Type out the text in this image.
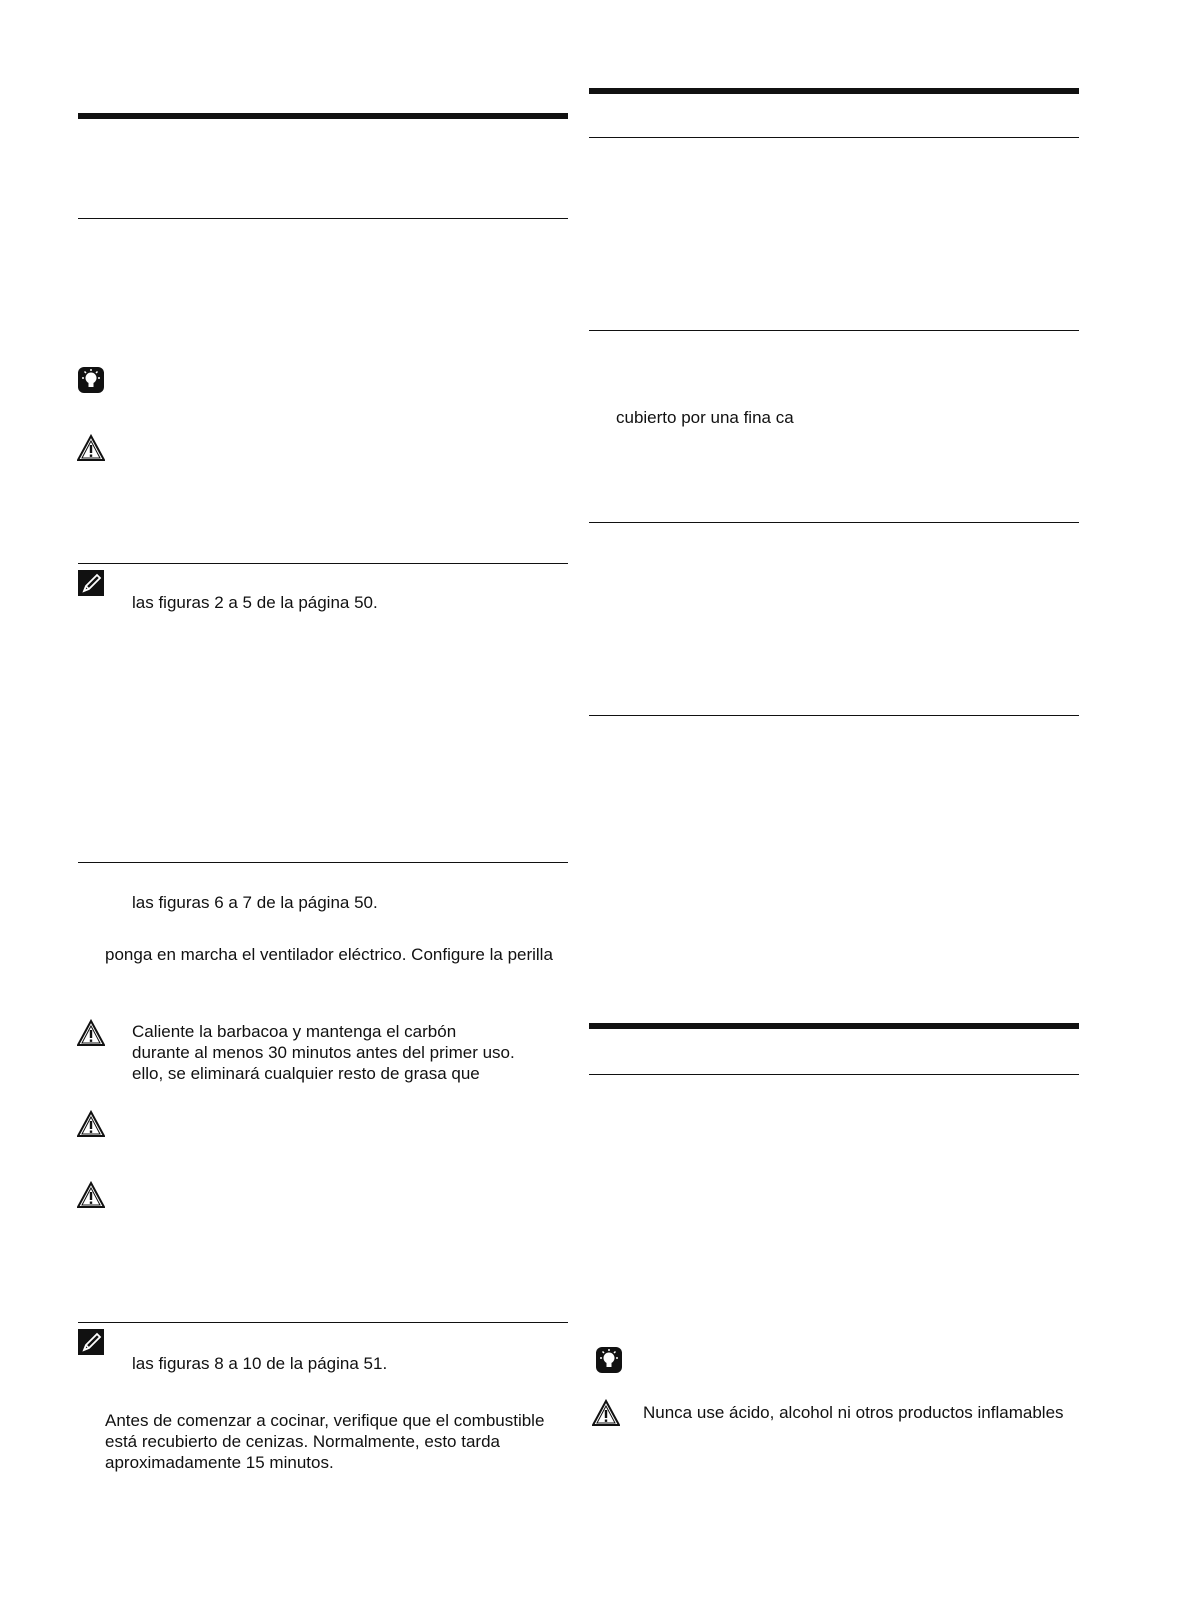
las figuras 2 a 5 de la página 50.
las figuras 6 a 7 de la página 50.
ponga en marcha el ventilador eléctrico. Configure la perilla
Caliente la barbacoa y mantenga el carbón
durante al menos 30 minutos antes del primer uso.
ello, se eliminará cualquier resto de grasa que
las figuras 8 a 10 de la página 51.
Antes de comenzar a cocinar, verifique que el combustible
está recubierto de cenizas. Normalmente, esto tarda
aproximadamente 15 minutos.
cubierto por una fina ca
Nunca use ácido, alcohol ni otros productos inflamables
